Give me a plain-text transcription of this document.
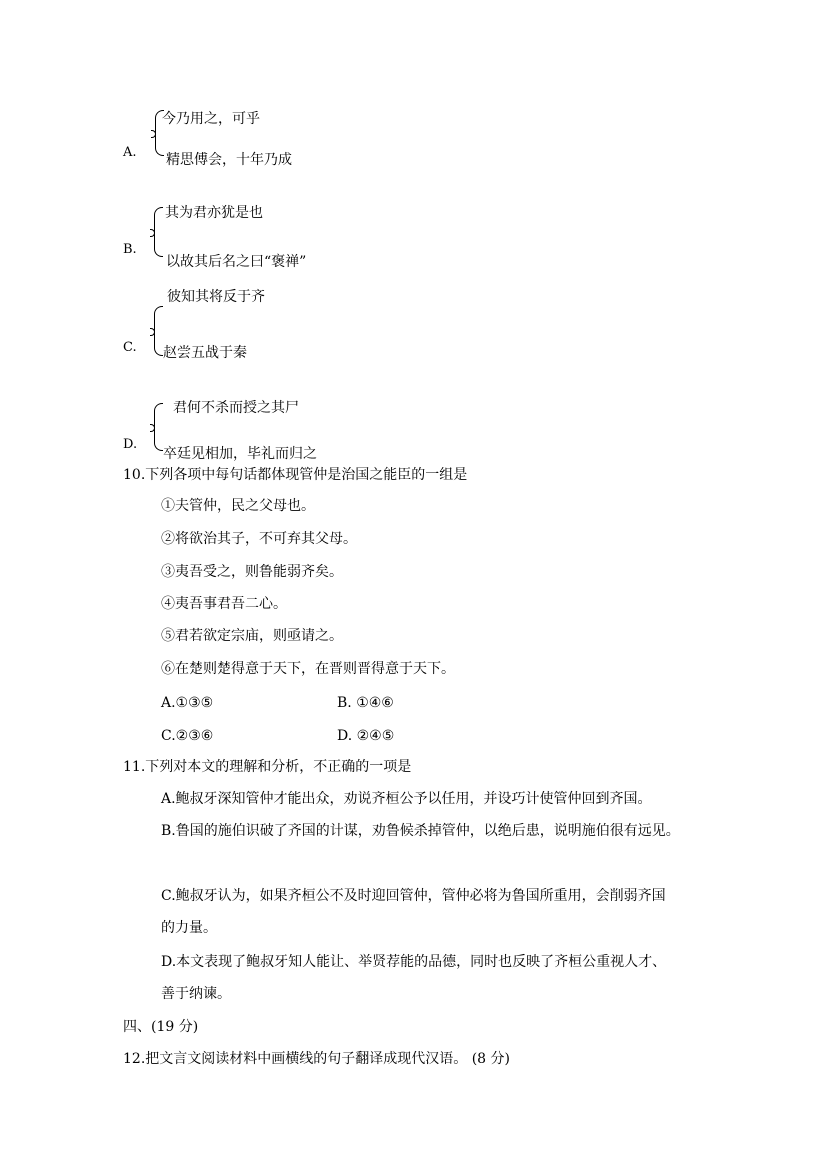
A.
今乃用之，可乎
精思傅会，十年乃成
B.
其为君亦犹是也
以故其后名之曰“褒禅”
C.
彼知其将反于齐
赵尝五战于秦
D.
君何不杀而授之其尸
卒廷见相加，毕礼而归之
10.下列各项中每句话都体现管仲是治国之能臣的一组是
①夫管仲，民之父母也。
②将欲治其子，不可弃其父母。
③夷吾受之，则鲁能弱齐矣。
④夷吾事君吾二心。
⑤君若欲定宗庙，则亟请之。
⑥在楚则楚得意于天下，在晋则晋得意于天下。
A.①③⑤	B. ①④⑥
C.②③⑥	D. ②④⑤
11.下列对本文的理解和分析，不正确的一项是
A.鲍叔牙深知管仲才能出众，劝说齐桓公予以任用，并设巧计使管仲回到齐国。
B.鲁国的施伯识破了齐国的计谋，劝鲁候杀掉管仲，以绝后患，说明施伯很有远见。
C.鲍叔牙认为，如果齐桓公不及时迎回管仲，管仲必将为鲁国所重用，会削弱齐国
的力量。
D.本文表现了鲍叔牙知人能让、举贤荐能的品德，同时也反映了齐桓公重视人才、
善于纳谏。
四、(19 分)
12.把文言文阅读材料中画横线的句子翻译成现代汉语。 (8 分)
